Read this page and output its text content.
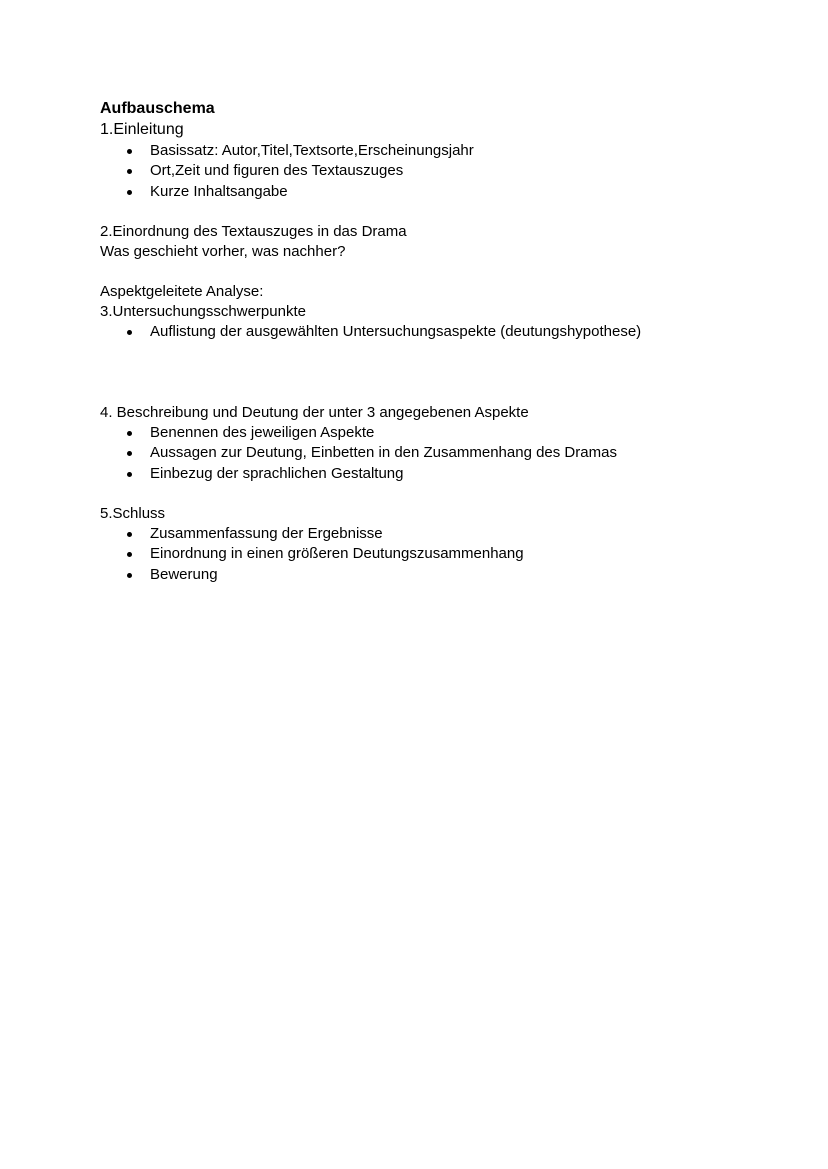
Aufbauschema
1.Einleitung
Basissatz: Autor,Titel,Textsorte,Erscheinungsjahr
Ort,Zeit und figuren des Textauszuges
Kurze Inhaltsangabe
2.Einordnung des Textauszuges in das Drama
Was geschieht vorher, was nachher?
Aspektgeleitete Analyse:
3.Untersuchungsschwerpunkte
Auflistung der ausgewählten Untersuchungsaspekte (deutungshypothese)
4. Beschreibung und Deutung der unter 3 angegebenen Aspekte
Benennen des jeweiligen Aspekte
Aussagen zur Deutung, Einbetten in den Zusammenhang des Dramas
Einbezug der sprachlichen Gestaltung
5.Schluss
Zusammenfassung der Ergebnisse
Einordnung in einen größeren Deutungszusammenhang
Bewerung
